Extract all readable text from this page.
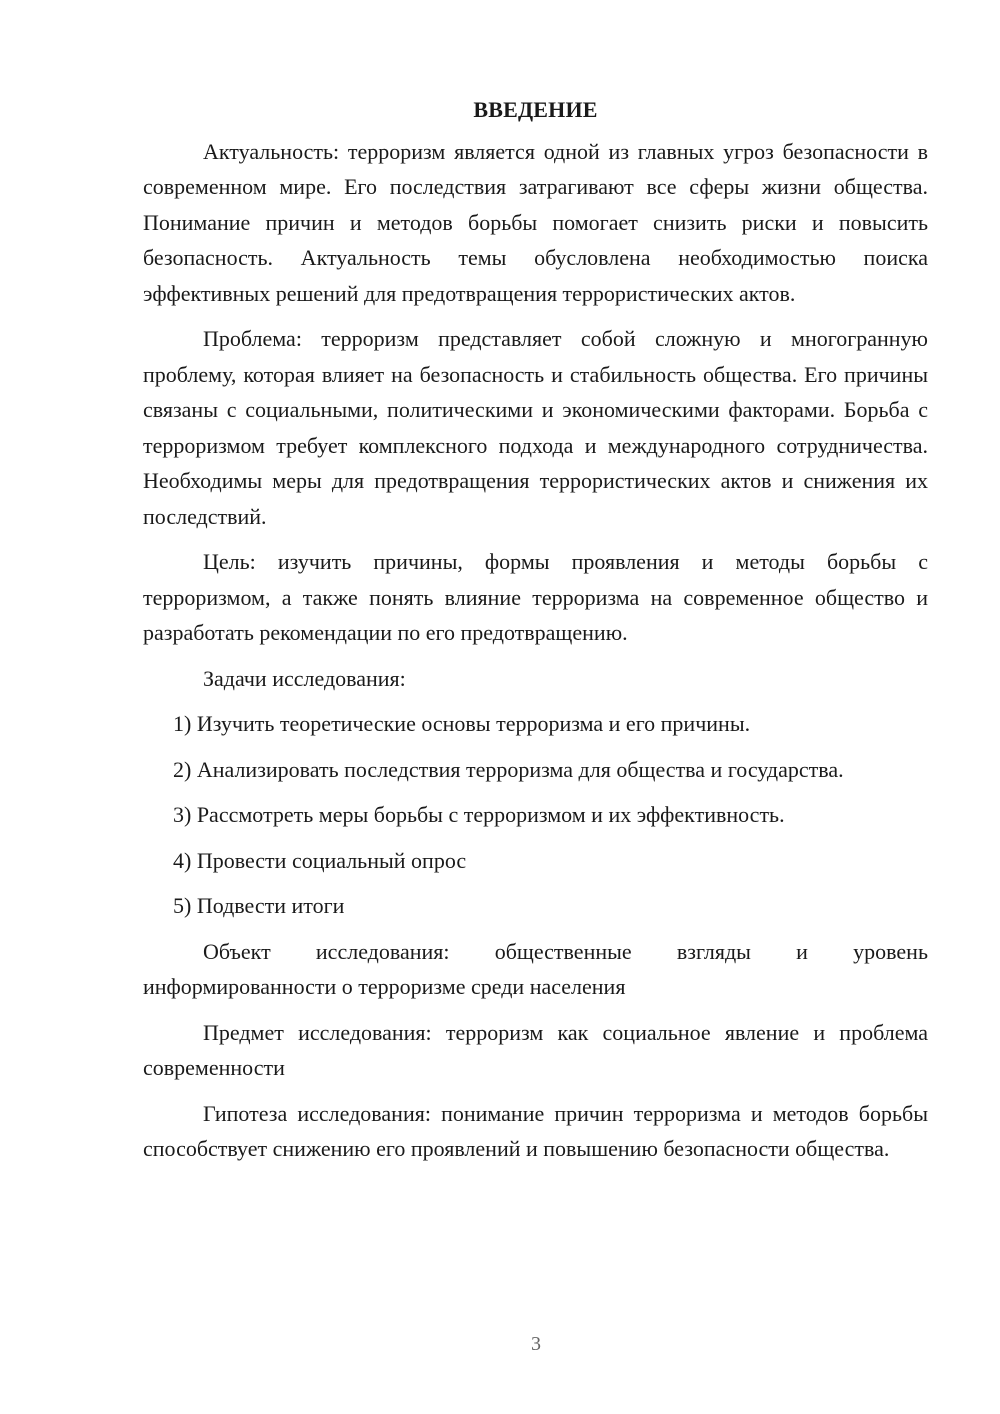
ВВЕДЕНИЕ

Актуальность: терроризм является одной из главных угроз безопасности в современном мире. Его последствия затрагивают все сферы жизни общества. Понимание причин и методов борьбы помогает снизить риски и повысить безопасность. Актуальность темы обусловлена необходимостью поиска эффективных решений для предотвращения террористических актов.

Проблема: терроризм представляет собой сложную и многогранную проблему, которая влияет на безопасность и стабильность общества. Его причины связаны с социальными, политическими и экономическими факторами. Борьба с терроризмом требует комплексного подхода и международного сотрудничества. Необходимы меры для предотвращения террористических актов и снижения их последствий.

Цель: изучить причины, формы проявления и методы борьбы с терроризмом, а также понять влияние терроризма на современное общество и разработать рекомендации по его предотвращению.

Задачи исследования:

1) Изучить теоретические основы терроризма и его причины.

2) Анализировать последствия терроризма для общества и государства.

3) Рассмотреть меры борьбы с терроризмом и их эффективность.

4) Провести социальный опрос

5) Подвести итоги

Объект исследования: общественные взгляды и уровень информированности о терроризме среди населения

Предмет исследования: терроризм как социальное явление и проблема современности

Гипотеза исследования: понимание причин терроризма и методов борьбы способствует снижению его проявлений и повышению безопасности общества.

3
